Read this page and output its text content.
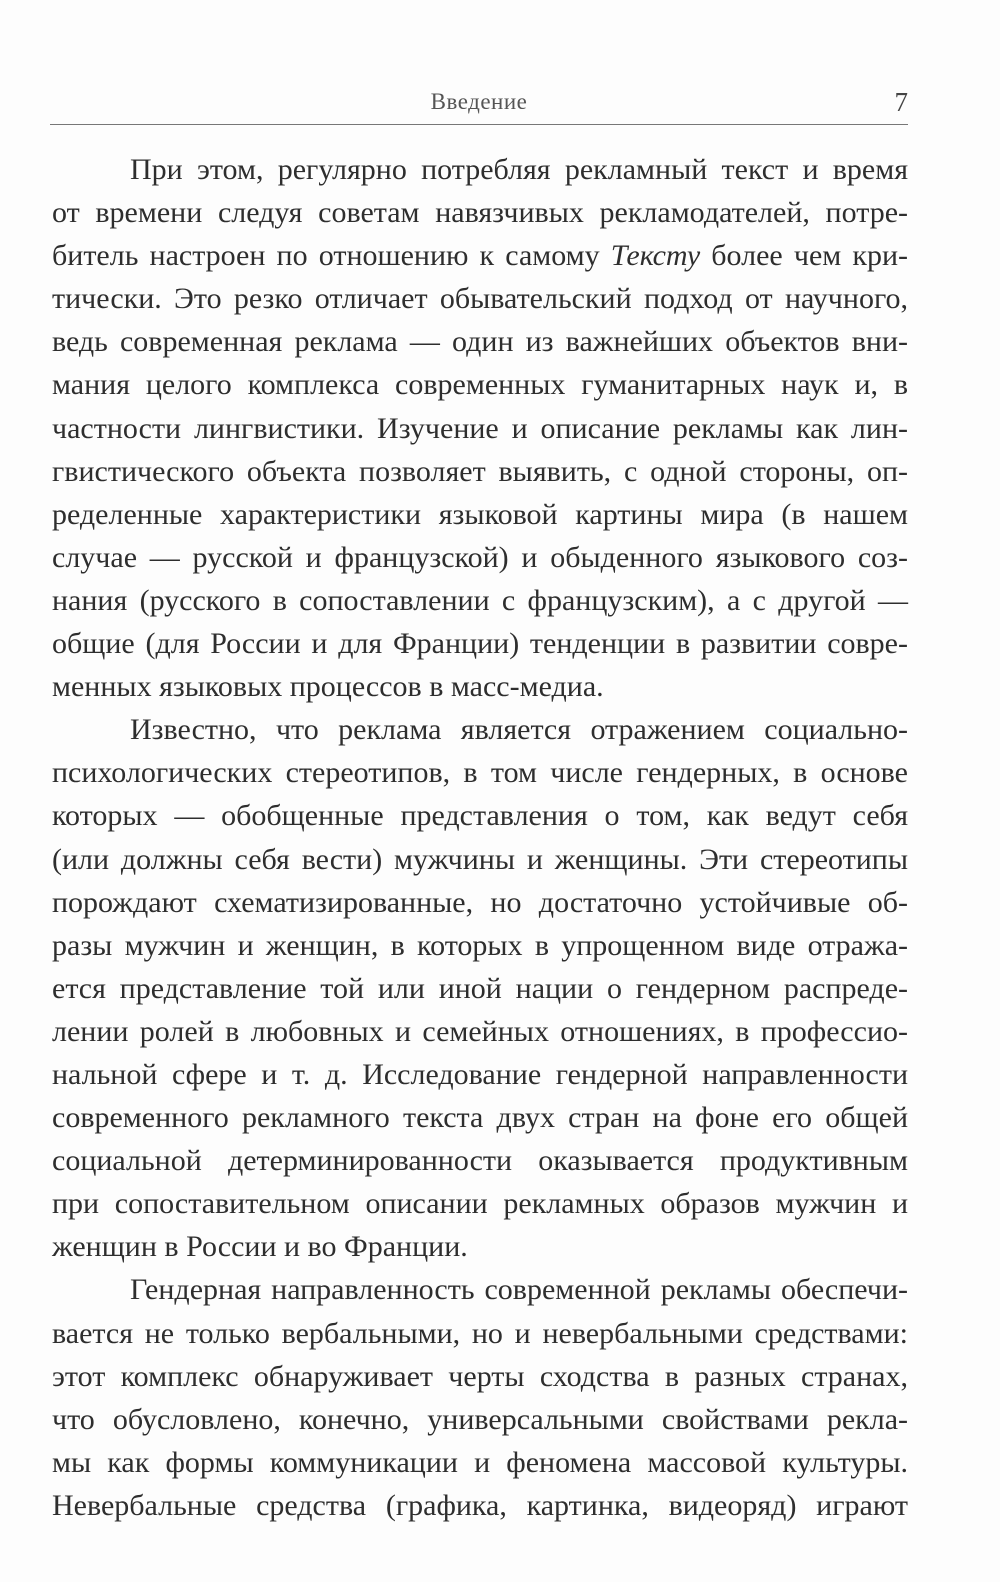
Введение	7
При этом, регулярно потребляя рекламный текст и время
от времени следуя советам навязчивых рекламодателей, потре-
битель настроен по отношению к самому Тексту более чем кри-
тически. Это резко отличает обывательский подход от научного,
ведь современная реклама — один из важнейших объектов вни-
мания целого комплекса современных гуманитарных наук и, в
частности лингвистики. Изучение и описание рекламы как лин-
гвистического объекта позволяет выявить, с одной стороны, оп-
ределенные характеристики языковой картины мира (в нашем
случае — русской и французской) и обыденного языкового соз-
нания (русского в сопоставлении с французским), а с другой —
общие (для России и для Франции) тенденции в развитии совре-
менных языковых процессов в масс-медиа.
Известно, что реклама является отражением социально-
психологических стереотипов, в том числе гендерных, в основе
которых — обобщенные представления о том, как ведут себя
(или должны себя вести) мужчины и женщины. Эти стереотипы
порождают схематизированные, но достаточно устойчивые об-
разы мужчин и женщин, в которых в упрощенном виде отража-
ется представление той или иной нации о гендерном распреде-
лении ролей в любовных и семейных отношениях, в профессио-
нальной сфере и т. д. Исследование гендерной направленности
современного рекламного текста двух стран на фоне его общей
социальной детерминированности оказывается продуктивным
при сопоставительном описании рекламных образов мужчин и
женщин в России и во Франции.
Гендерная направленность современной рекламы обеспечи-
вается не только вербальными, но и невербальными средствами:
этот комплекс обнаруживает черты сходства в разных странах,
что обусловлено, конечно, универсальными свойствами рекла-
мы как формы коммуникации и феномена массовой культуры.
Невербальные средства (графика, картинка, видеоряд) играют
